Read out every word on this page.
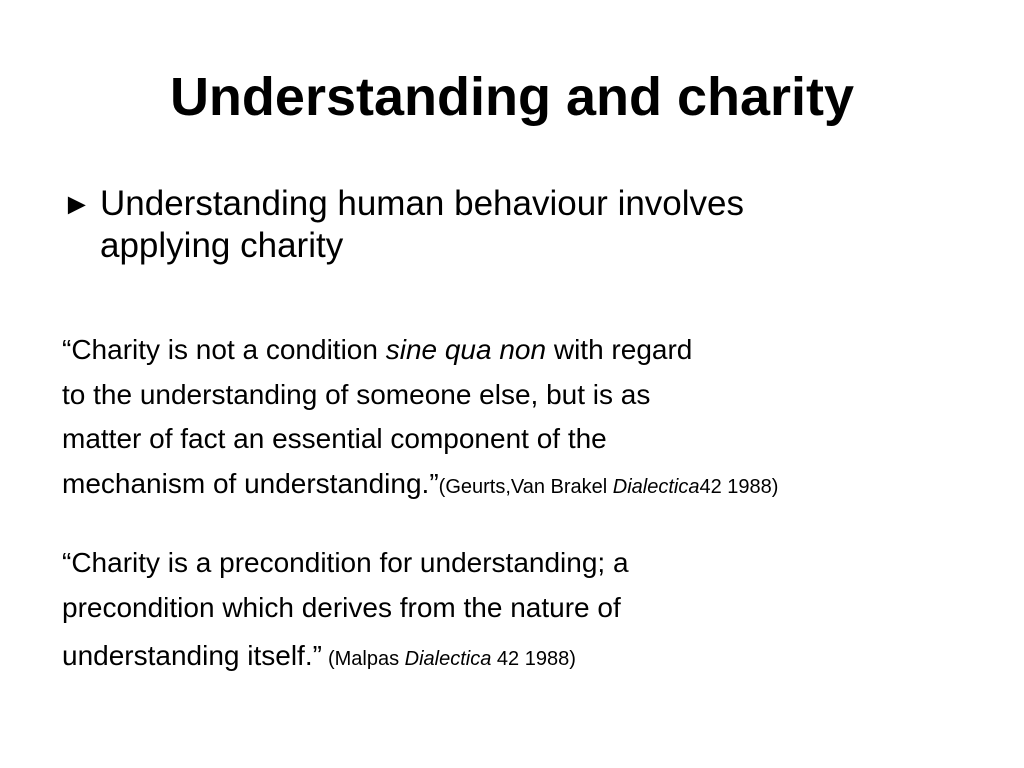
Understanding and charity
► Understanding human behaviour involves
applying charity
“Charity is not a condition sine qua non with regard
to the understanding of someone else, but is as
matter of fact an essential component of the
mechanism of understanding.”(Geurts,Van Brakel Dialectica42 1988)
“Charity is a precondition for understanding; a
precondition which derives from the nature of
understanding itself.” (Malpas Dialectica 42 1988)
